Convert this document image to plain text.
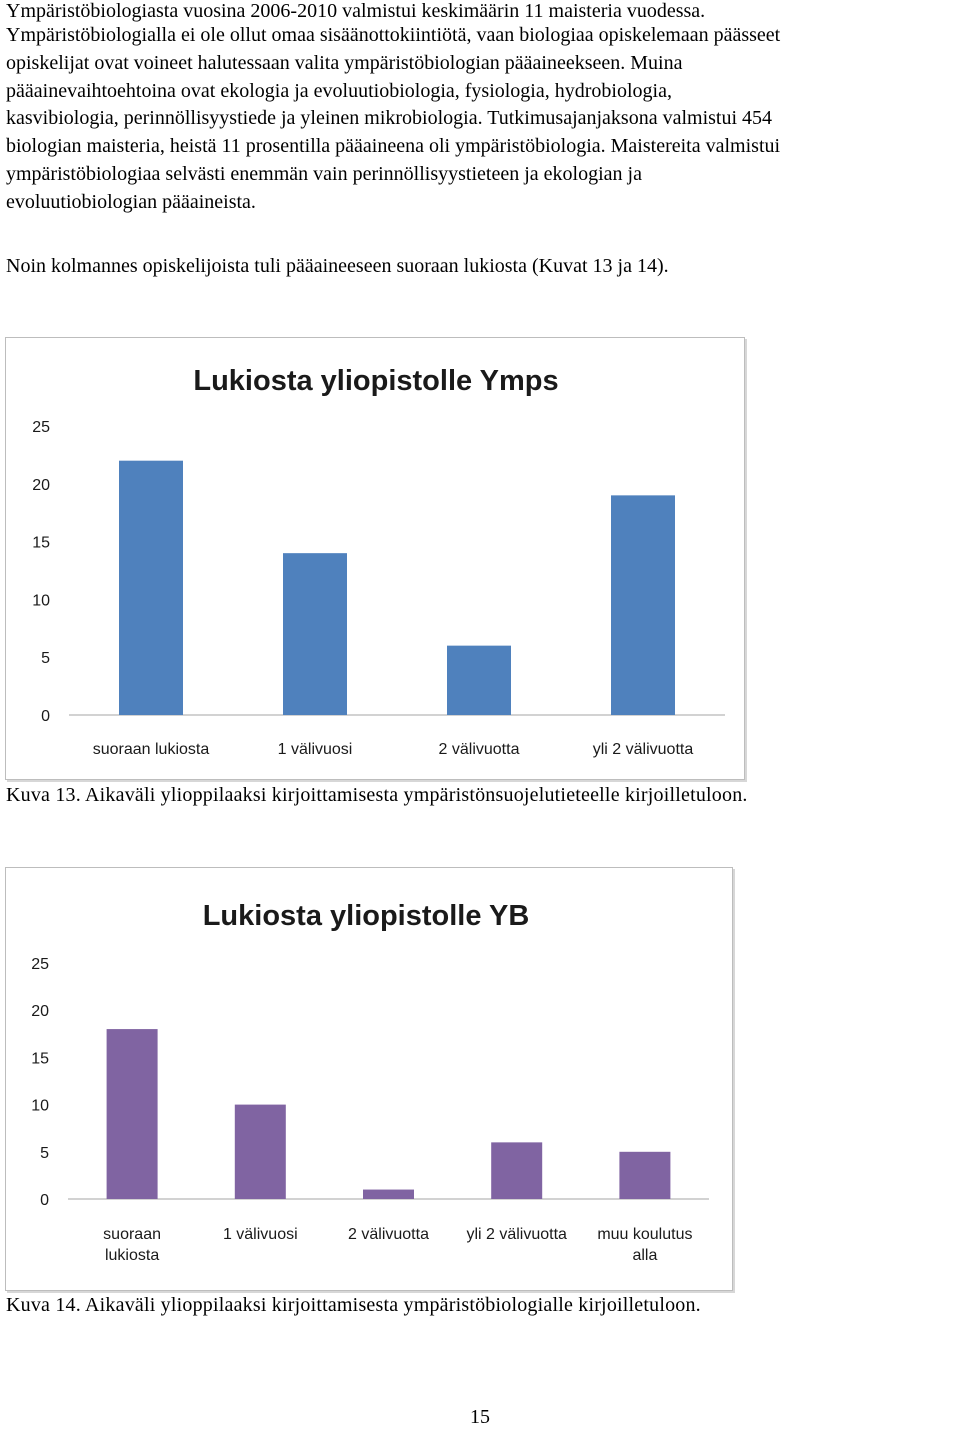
Ympäristöbiologiasta vuosina 2006-2010 valmistui keskimäärin 11 maisteria vuodessa.
Ympäristöbiologialla ei ole ollut omaa sisäänottokiintiötä, vaan biologiaa opiskelemaan päässeet
opiskelijat ovat voineet halutessaan valita ympäristöbiologian pääaineekseen. Muina
pääainevaihtoehtoina ovat ekologia ja evoluutiobiologia, fysiologia, hydrobiologia,
kasvibiologia, perinnöllisyystiede ja yleinen mikrobiologia. Tutkimusajanjaksona valmistui 454
biologian maisteria, heistä 11 prosentilla pääaineena oli ympäristöbiologia. Maistereita valmistui
ympäristöbiologiaa selvästi enemmän vain perinnöllisyystieteen ja ekologian ja
evoluutiobiologian pääaineista.

Noin kolmannes opiskelijoista tuli pääaineeseen suoraan lukiosta (Kuvat 13 ja 14).

Lukiosta yliopistolle Ymps
0
5
10
15
20
25
suoraan lukiosta	1 välivuosi	2 välivuotta	yli 2 välivuotta

Kuva 13. Aikaväli ylioppilaaksi kirjoittamisesta ympäristönsuojelutieteelle kirjoilletuloon.

Lukiosta yliopistolle YB
0
5
10
15
20
25
suoraan
lukiosta
1 välivuosi	2 välivuotta yli 2 välivuotta muu koulutus
alla

Kuva 14. Aikaväli ylioppilaaksi kirjoittamisesta ympäristöbiologialle kirjoilletuloon.

15
